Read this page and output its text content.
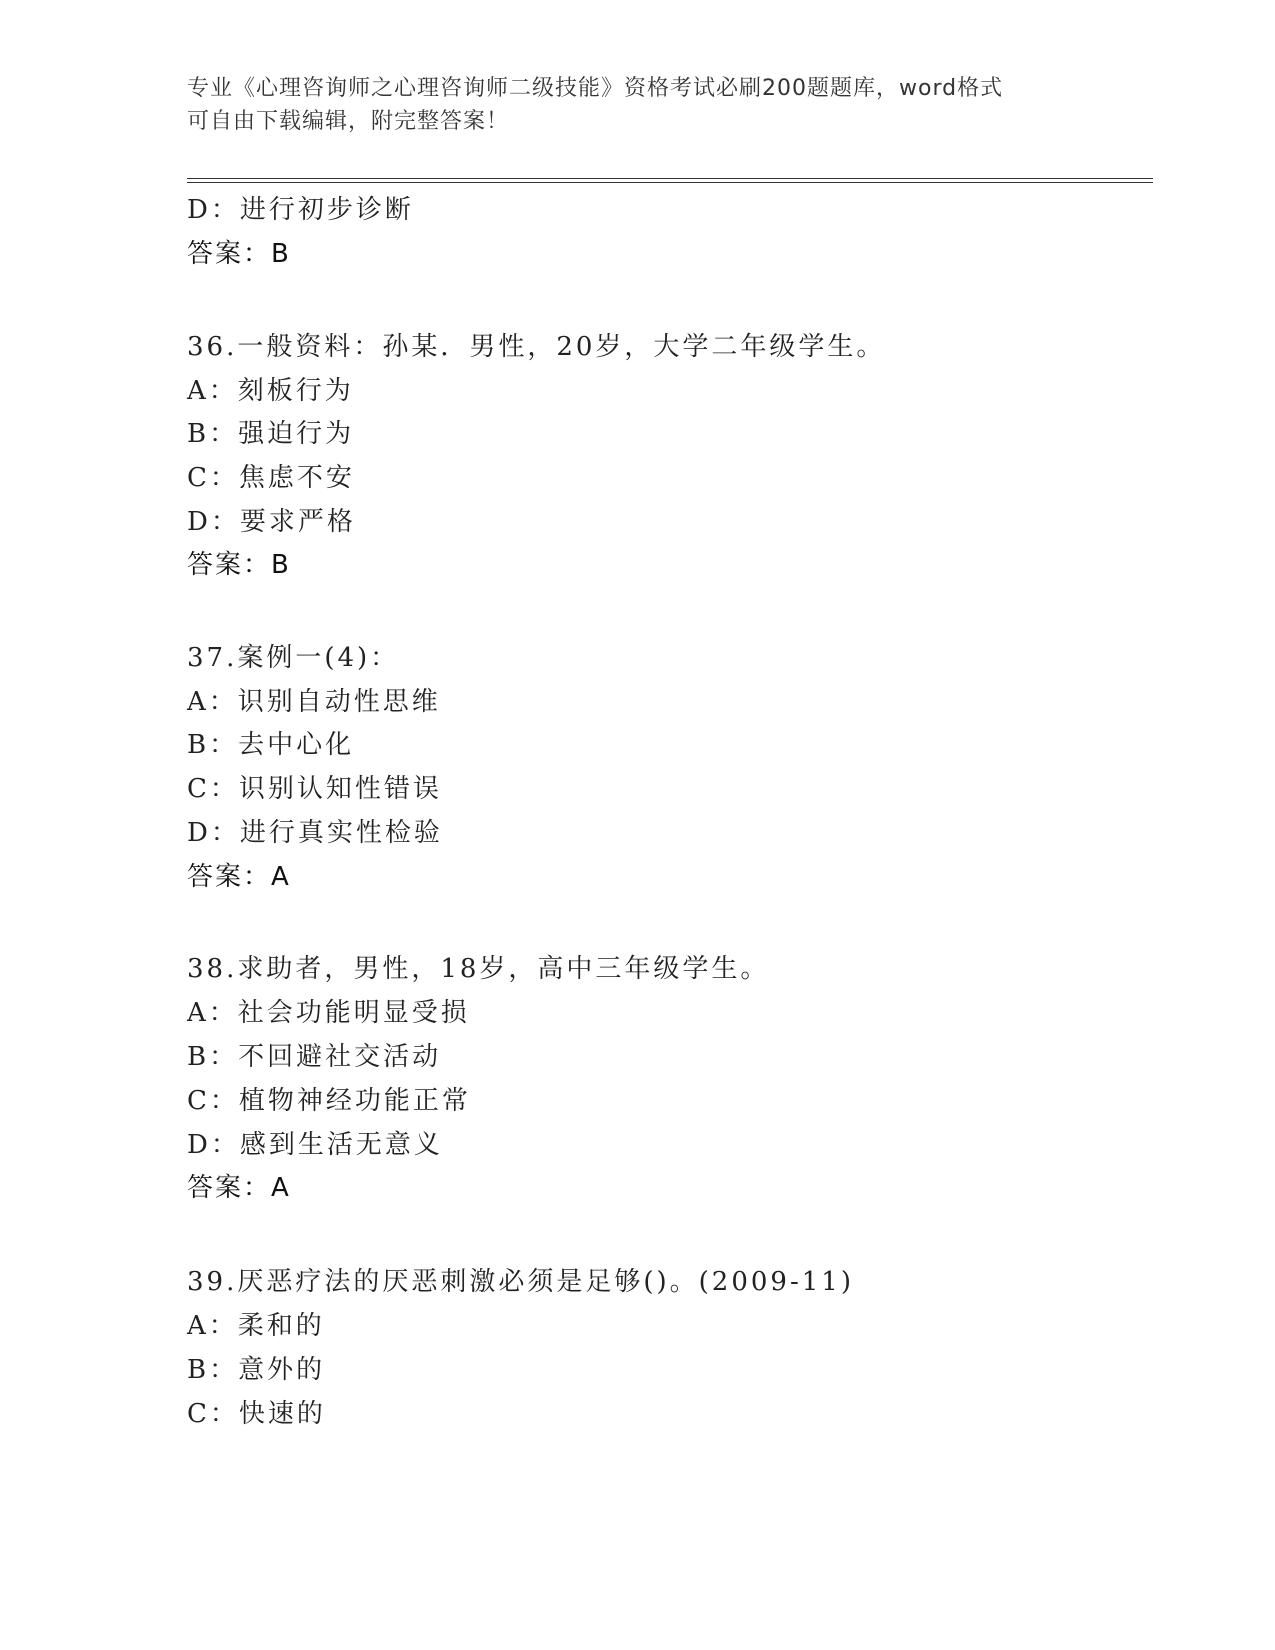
专业《心理咨询师之心理咨询师二级技能》资格考试必刷200题题库，word格式
可自由下载编辑，附完整答案！
D：进行初步诊断
答案：B
36.一般资料：孙某．男性，20岁，大学二年级学生。
A：刻板行为
B：强迫行为
C：焦虑不安
D：要求严格
答案：B
37.案例一(4)：
A：识别自动性思维
B：去中心化
C：识别认知性错误
D：进行真实性检验
答案：A
38.求助者，男性，18岁，高中三年级学生。
A：社会功能明显受损
B：不回避社交活动
C：植物神经功能正常
D：感到生活无意义
答案：A
39.厌恶疗法的厌恶刺激必须是足够()。(2009-11)
A：柔和的
B：意外的
C：快速的
